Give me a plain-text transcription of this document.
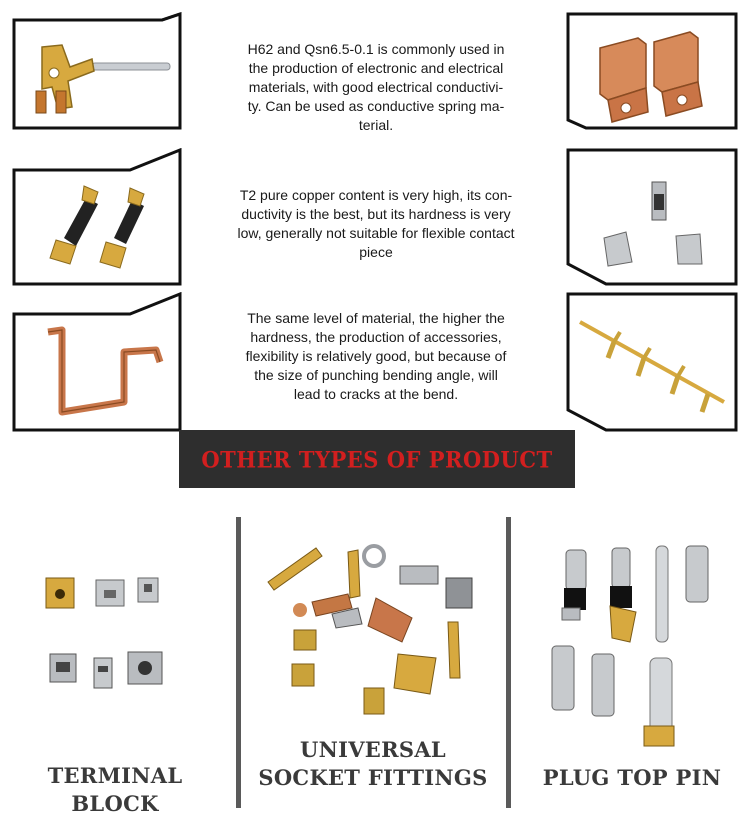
H62 and Qsn6.5-0.1 is commonly used in
the production of electronic and electrical
materials, with good electrical conductivi-
ty. Can be used as conductive spring ma-
terial.
T2 pure copper content is very high, its con-
ductivity is the best, but its hardness is very
low, generally not suitable for flexible contact
piece
The same level of material, the higher the
hardness, the production of accessories,
flexibility is relatively good, but because of
the size of punching bending angle, will
lead to cracks at the bend.
OTHER TYPES OF PRODUCT
TERMINAL BLOCK
UNIVERSAL
SOCKET FITTINGS	PLUG TOP PIN
